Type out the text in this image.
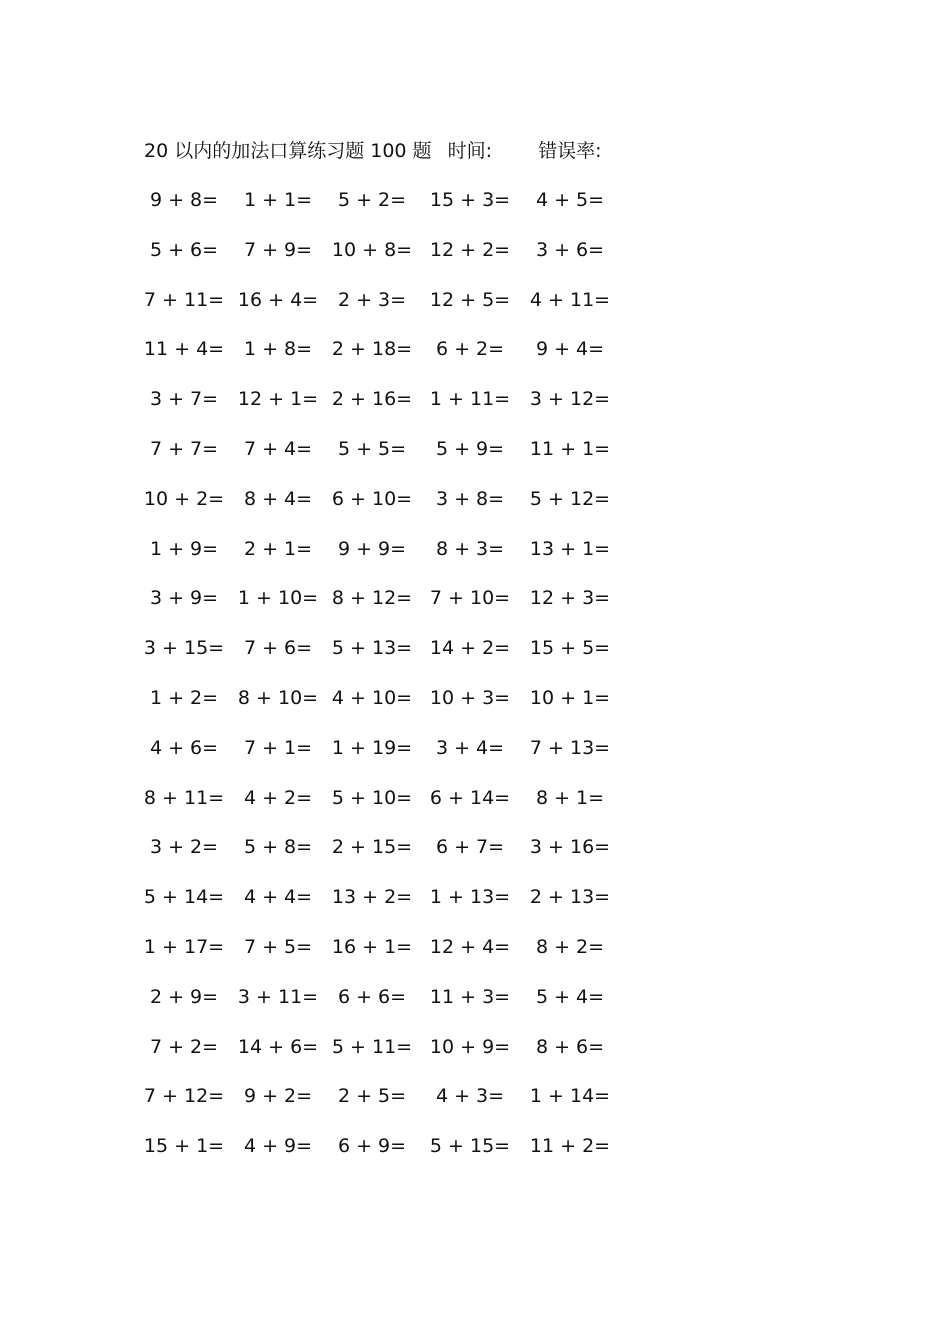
20 以内的加法口算练习题 100 题 时间: 错误率:
9 + 8=	1 + 1=	5 + 2=	15 + 3=	4 + 5=
5 + 6=	7 + 9=	10 + 8= 12 + 2=	3 + 6=
7 + 11= 16 + 4=	2 + 3=	12 + 5= 4 + 11=
11 + 4=	1 + 8=	2 + 18=	6 + 2=	9 + 4=
3 + 7=	12 + 1= 2 + 16= 1 + 11= 3 + 12=
7 + 7=	7 + 4=	5 + 5=	5 + 9=	11 + 1=
10 + 2=	8 + 4=	6 + 10=	3 + 8=	5 + 12=
1 + 9=	2 + 1=	9 + 9=	8 + 3=	13 + 1=
3 + 9=	1 + 10= 8 + 12= 7 + 10= 12 + 3=
3 + 15=	7 + 6=	5 + 13= 14 + 2= 15 + 5=
1 + 2=	8 + 10= 4 + 10= 10 + 3= 10 + 1=
4 + 6=	7 + 1=	1 + 19=	3 + 4=	7 + 13=
8 + 11=	4 + 2=	5 + 10= 6 + 14=	8 + 1=
3 + 2=	5 + 8=	2 + 15=	6 + 7=	3 + 16=
5 + 14=	4 + 4=	13 + 2= 1 + 13= 2 + 13=
1 + 17=	7 + 5=	16 + 1= 12 + 4=	8 + 2=
2 + 9=	3 + 11=	6 + 6=	11 + 3=	5 + 4=
7 + 2=	14 + 6= 5 + 11= 10 + 9=	8 + 6=
7 + 12=	9 + 2=	2 + 5=	4 + 3=	1 + 14=
15 + 1=	4 + 9=	6 + 9=	5 + 15= 11 + 2=
